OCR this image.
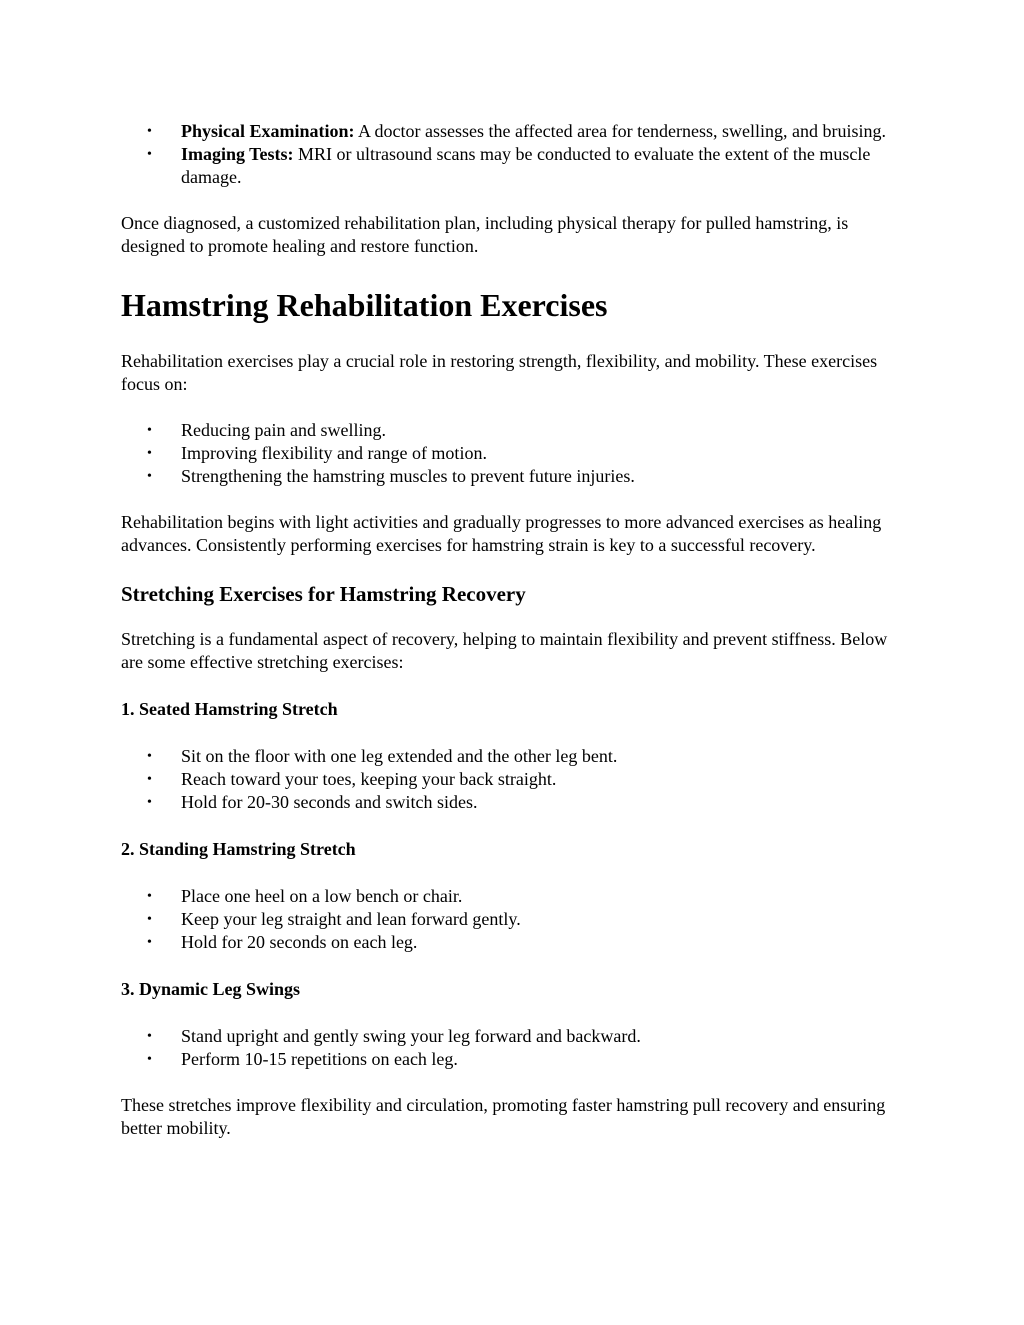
• Physical Examination: A doctor assesses the affected area for tenderness, swelling, and bruising.
• Imaging Tests: MRI or ultrasound scans may be conducted to evaluate the extent of the muscle damage.

Once diagnosed, a customized rehabilitation plan, including physical therapy for pulled hamstring, is designed to promote healing and restore function.

Hamstring Rehabilitation Exercises

Rehabilitation exercises play a crucial role in restoring strength, flexibility, and mobility. These exercises focus on:

• Reducing pain and swelling.
• Improving flexibility and range of motion.
• Strengthening the hamstring muscles to prevent future injuries.

Rehabilitation begins with light activities and gradually progresses to more advanced exercises as healing advances. Consistently performing exercises for hamstring strain is key to a successful recovery.

Stretching Exercises for Hamstring Recovery

Stretching is a fundamental aspect of recovery, helping to maintain flexibility and prevent stiffness. Below are some effective stretching exercises:

1. Seated Hamstring Stretch
• Sit on the floor with one leg extended and the other leg bent.
• Reach toward your toes, keeping your back straight.
• Hold for 20-30 seconds and switch sides.
2. Standing Hamstring Stretch
• Place one heel on a low bench or chair.
• Keep your leg straight and lean forward gently.
• Hold for 20 seconds on each leg.
3. Dynamic Leg Swings
• Stand upright and gently swing your leg forward and backward.
• Perform 10-15 repetitions on each leg.

These stretches improve flexibility and circulation, promoting faster hamstring pull recovery and ensuring better mobility.
